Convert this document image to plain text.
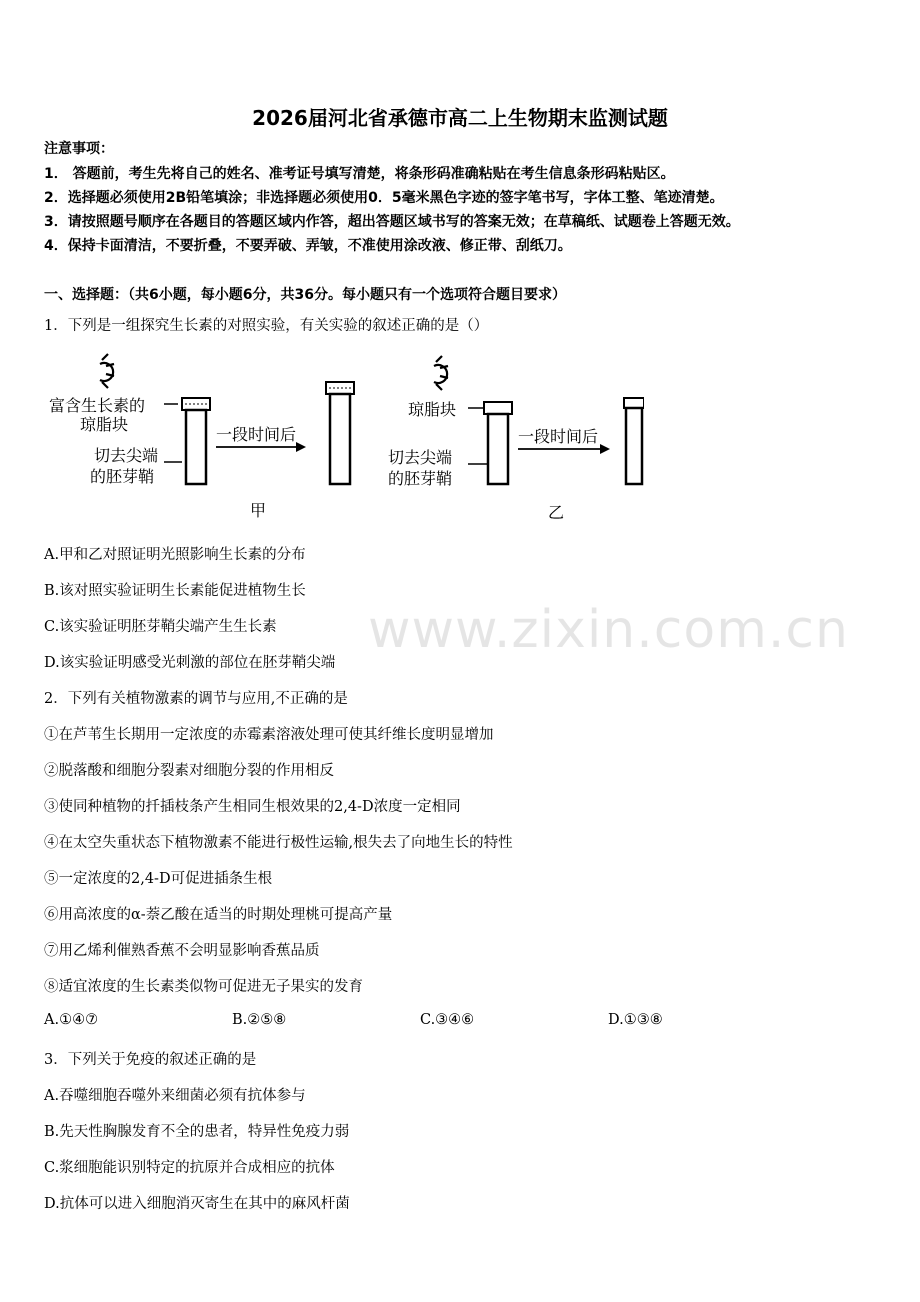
2026届河北省承德市高二上生物期末监测试题
注意事项：
1． 答题前，考生先将自己的姓名、准考证号填写清楚，将条形码准确粘贴在考生信息条形码粘贴区。
2．选择题必须使用2B铅笔填涂；非选择题必须使用0．5毫米黑色字迹的签字笔书写，字体工整、笔迹清楚。
3．请按照题号顺序在各题目的答题区域内作答，超出答题区域书写的答案无效；在草稿纸、试题卷上答题无效。
4．保持卡面清洁，不要折叠，不要弄破、弄皱，不准使用涂改液、修正带、刮纸刀。
一、选择题：（共6小题，每小题6分，共36分。每小题只有一个选项符合题目要求）
1．下列是一组探究生长素的对照实验，有关实验的叙述正确的是（）
富含生长素的
琼脂块
切去尖端
的胚芽鞘
一段时间后
甲
琼脂块
切去尖端
的胚芽鞘
一段时间后
乙
A.甲和乙对照证明光照影响生长素的分布
B.该对照实验证明生长素能促进植物生长
C.该实验证明胚芽鞘尖端产生生长素
D.该实验证明感受光刺激的部位在胚芽鞘尖端
www.zixin.com.cn
2．下列有关植物激素的调节与应用,不正确的是
①在芦苇生长期用一定浓度的赤霉素溶液处理可使其纤维长度明显增加
②脱落酸和细胞分裂素对细胞分裂的作用相反
③使同种植物的扦插枝条产生相同生根效果的2,4-D浓度一定相同
④在太空失重状态下植物激素不能进行极性运输,根失去了向地生长的特性
⑤一定浓度的2,4-D可促进插条生根
⑥用高浓度的α-萘乙酸在适当的时期处理桃可提高产量
⑦用乙烯利催熟香蕉不会明显影响香蕉品质
⑧适宜浓度的生长素类似物可促进无子果实的发育
A.①④⑦	B.②⑤⑧	C.③④⑥	D.①③⑧
3．下列关于免疫的叙述正确的是
A.吞噬细胞吞噬外来细菌必须有抗体参与
B.先天性胸腺发育不全的患者，特异性免疫力弱
C.浆细胞能识别特定的抗原并合成相应的抗体
D.抗体可以进入细胞消灭寄生在其中的麻风杆菌
